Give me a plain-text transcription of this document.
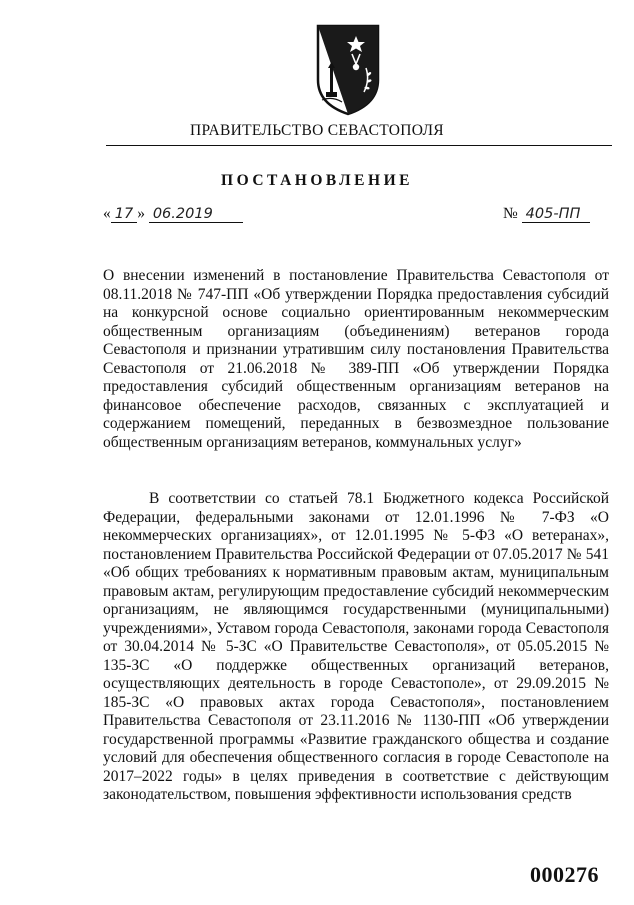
ПРАВИТЕЛЬСТВО СЕВАСТОПОЛЯ
ПОСТАНОВЛЕНИЕ
« 17 » 06.2019	№ 405-ПП
О внесении изменений в постановление Правительства Севастополя от 08.11.2018 № 747-ПП «Об утверждении Порядка предоставления субсидий на конкурсной основе социально ориентированным некоммерческим общественным организациям (объединениям) ветеранов города Севастополя и признании утратившим силу постановления Правительства Севастополя от 21.06.2018 № 389-ПП «Об утверждении Порядка предоставления субсидий общественным организациям ветеранов на финансовое обеспечение расходов, связанных с эксплуатацией и содержанием помещений, переданных в безвозмездное пользование общественным организациям ветеранов, коммунальных услуг»
В соответствии со статьей 78.1 Бюджетного кодекса Российской Федерации, федеральными законами от 12.01.1996 № 7-ФЗ «О некоммерческих организациях», от 12.01.1995 № 5-ФЗ «О ветеранах», постановлением Правительства Российской Федерации от 07.05.2017 № 541 «Об общих требованиях к нормативным правовым актам, муниципальным правовым актам, регулирующим предоставление субсидий некоммерческим организациям, не являющимся государственными (муниципальными) учреждениями», Уставом города Севастополя, законами города Севастополя от 30.04.2014 № 5-ЗС «О Правительстве Севастополя», от 05.05.2015 № 135-ЗС «О поддержке общественных организаций ветеранов, осуществляющих деятельность в городе Севастополе», от 29.09.2015 № 185-ЗС «О правовых актах города Севастополя», постановлением Правительства Севастополя от 23.11.2016 № 1130-ПП «Об утверждении государственной программы «Развитие гражданского общества и создание условий для обеспечения общественного согласия в городе Севастополе на 2017–2022 годы» в целях приведения в соответствие с действующим законодательством, повышения эффективности использования средств
000276
